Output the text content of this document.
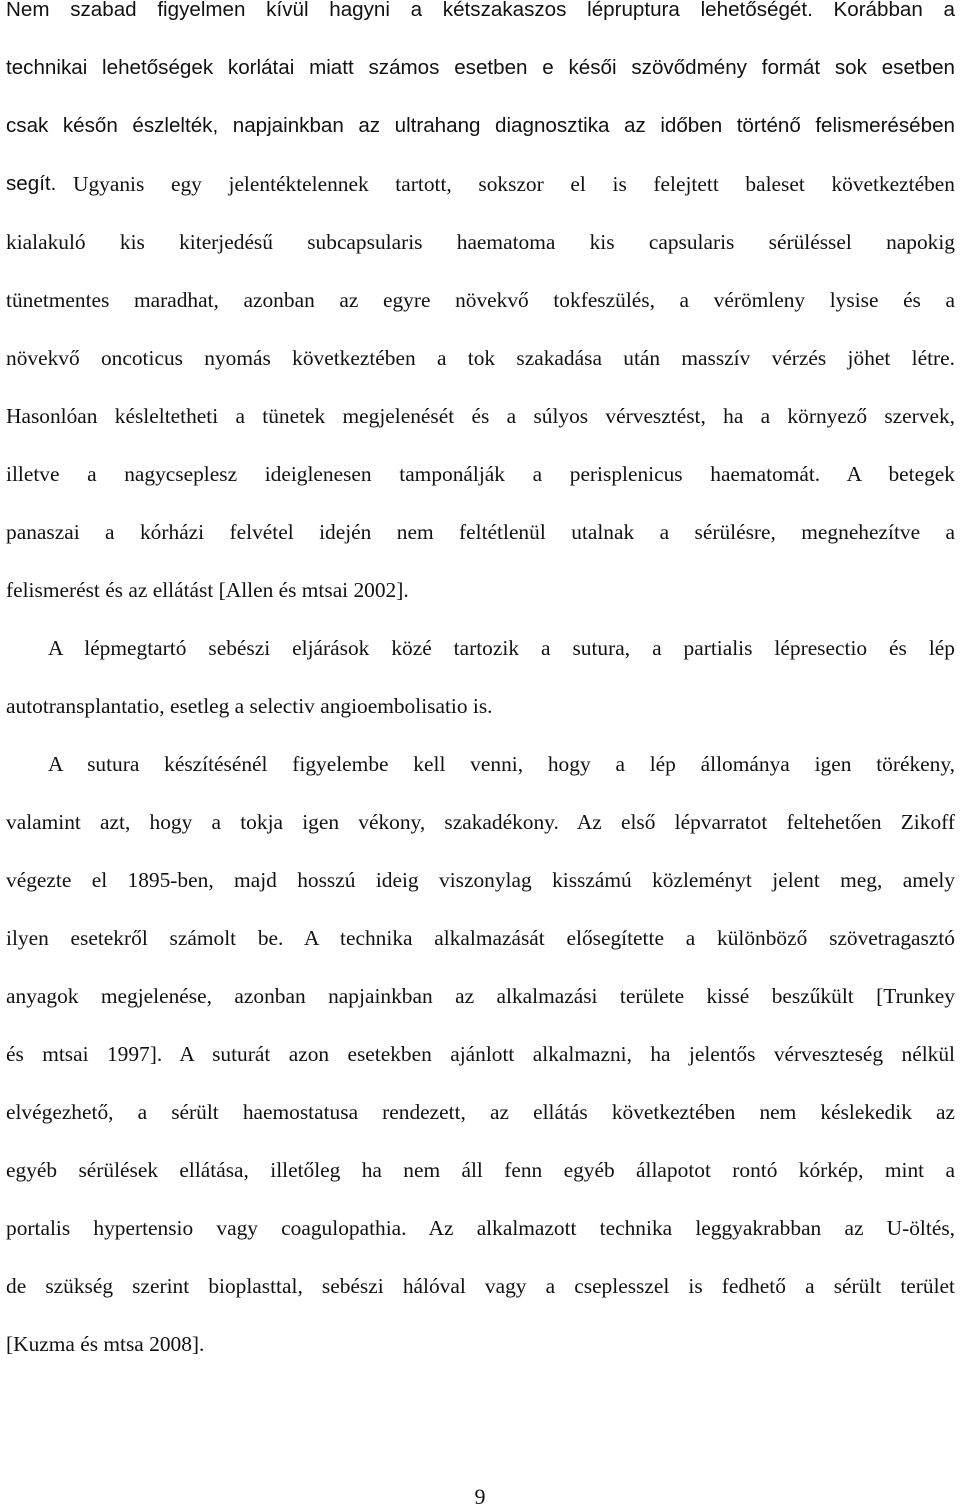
Nem szabad figyelmen kívül hagyni a kétszakaszos lépruptura lehetőségét. Korábban a
technikai lehetőségek korlátai miatt számos esetben e késői szövődmény formát sok esetben
csak későn észlelték, napjainkban az ultrahang diagnosztika az időben történő felismerésében
segít. Ugyanis egy jelentéktelennek tartott, sokszor el is felejtett baleset következtében
kialakuló kis kiterjedésű subcapsularis haematoma kis capsularis sérüléssel napokig
tünetmentes maradhat, azonban az egyre növekvő tokfeszülés, a vérömleny lysise és a
növekvő oncoticus nyomás következtében a tok szakadása után masszív vérzés jöhet létre.
Hasonlóan késleltetheti a tünetek megjelenését és a súlyos vérvesztést, ha a környező szervek,
illetve a nagycseplesz ideiglenesen tamponálják a perisplenicus haematomát. A betegek
panaszai a kórházi felvétel idején nem feltétlenül utalnak a sérülésre, megnehezítve a
felismerést és az ellátást [Allen és mtsai 2002].
A lépmegtartó sebészi eljárások közé tartozik a sutura, a partialis lépresectio és lép
autotransplantatio, esetleg a selectiv angioembolisatio is.
A sutura készítésénél figyelembe kell venni, hogy a lép állománya igen törékeny,
valamint azt, hogy a tokja igen vékony, szakadékony. Az első lépvarratot feltehetően Zikoff
végezte el 1895-ben, majd hosszú ideig viszonylag kisszámú közleményt jelent meg, amely
ilyen esetekről számolt be. A technika alkalmazását elősegítette a különböző szövetragasztó
anyagok megjelenése, azonban napjainkban az alkalmazási területe kissé beszűkült [Trunkey
és mtsai 1997]. A suturát azon esetekben ajánlott alkalmazni, ha jelentős vérveszteség nélkül
elvégezhető, a sérült haemostatusa rendezett, az ellátás következtében nem késlekedik az
egyéb sérülések ellátása, illetőleg ha nem áll fenn egyéb állapotot rontó kórkép, mint a
portalis hypertensio vagy coagulopathia. Az alkalmazott technika leggyakrabban az U-öltés,
de szükség szerint bioplasttal, sebészi hálóval vagy a cseplesszel is fedhető a sérült terület
[Kuzma és mtsa 2008].
9
